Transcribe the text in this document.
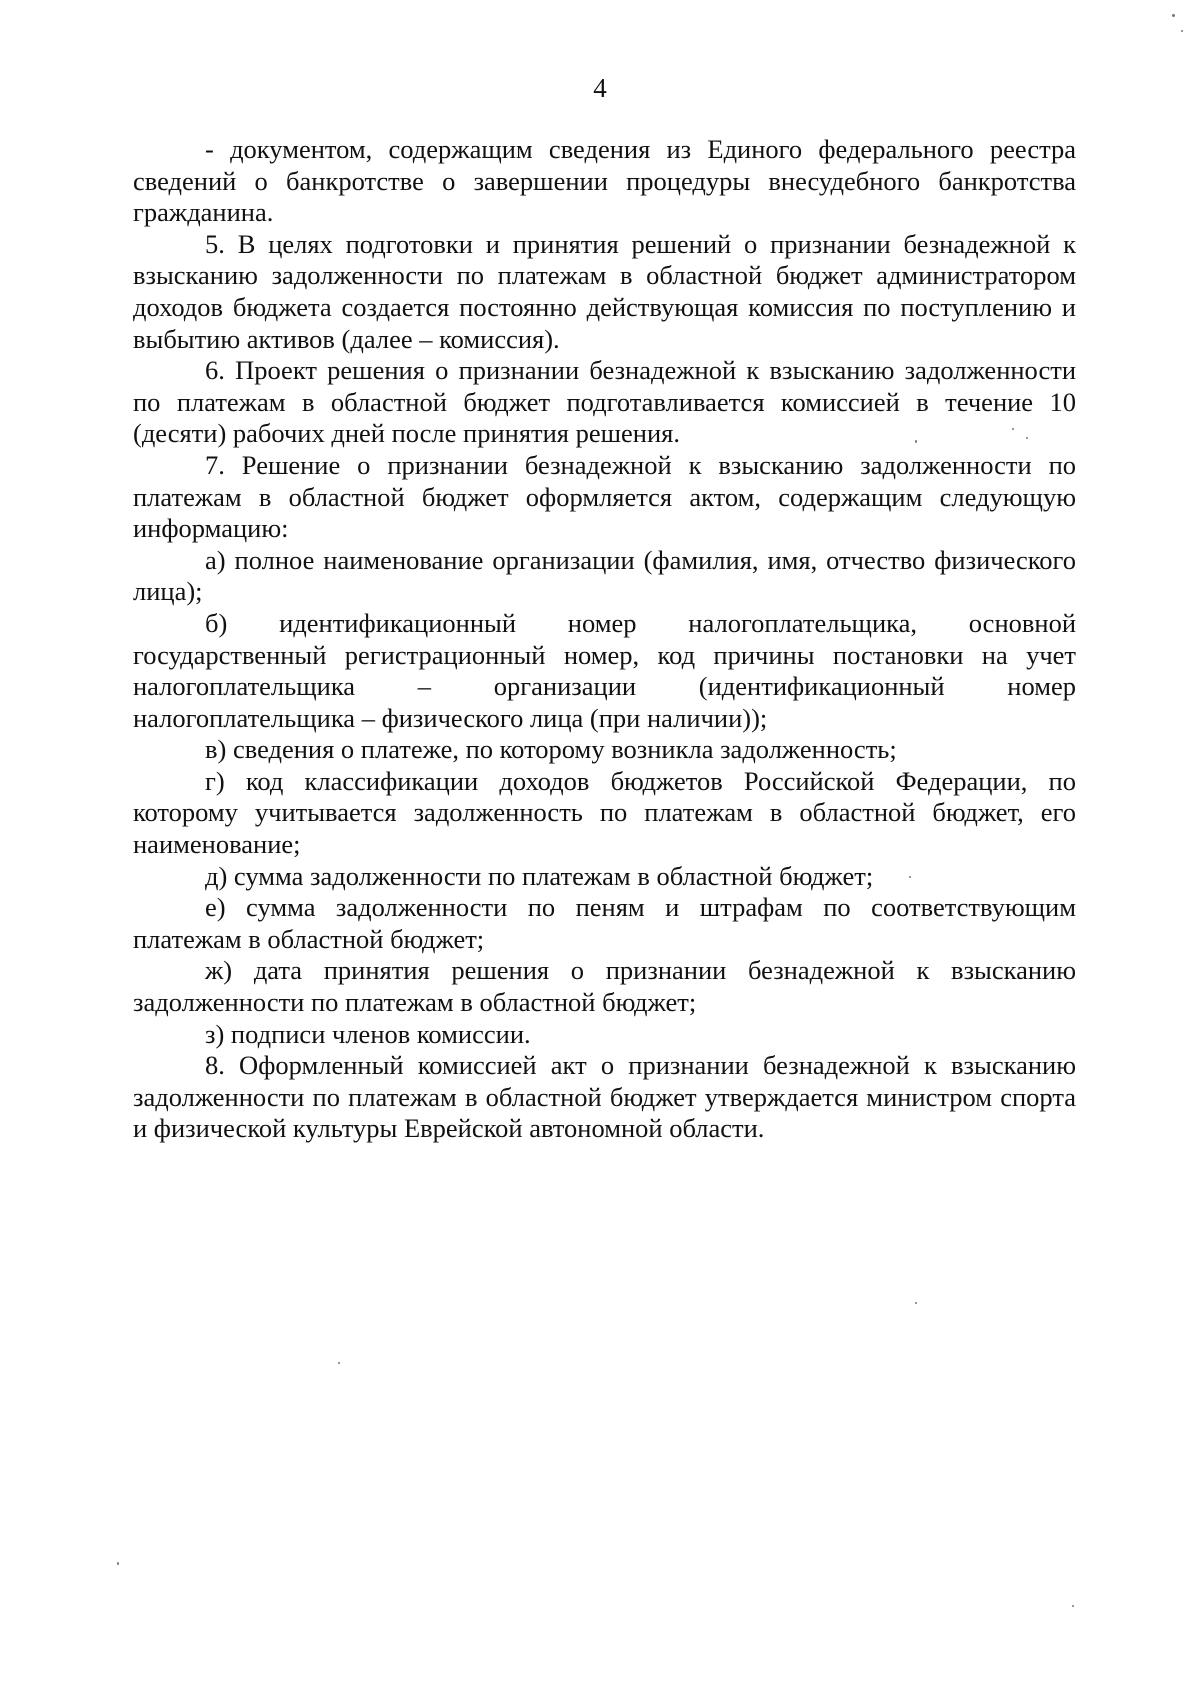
4

- документом, содержащим сведения из Единого федерального реестра сведений о банкротстве о завершении процедуры внесудебного банкротства гражданина.

5. В целях подготовки и принятия решений о признании безнадежной к взысканию задолженности по платежам в областной бюджет администратором доходов бюджета создается постоянно действующая комиссия по поступлению и выбытию активов (далее – комиссия).

6. Проект решения о признании безнадежной к взысканию задолженности по платежам в областной бюджет подготавливается комиссией в течение 10 (десяти) рабочих дней после принятия решения.

7. Решение о признании безнадежной к взысканию задолженности по платежам в областной бюджет оформляется актом, содержащим следующую информацию:

а) полное наименование организации (фамилия, имя, отчество физического лица);

б) идентификационный номер налогоплательщика, основной государственный регистрационный номер, код причины постановки на учет налогоплательщика – организации (идентификационный номер налогоплательщика – физического лица (при наличии));

в) сведения о платеже, по которому возникла задолженность;

г) код классификации доходов бюджетов Российской Федерации, по которому учитывается задолженность по платежам в областной бюджет, его наименование;

д) сумма задолженности по платежам в областной бюджет;

е) сумма задолженности по пеням и штрафам по соответствующим платежам в областной бюджет;

ж) дата принятия решения о признании безнадежной к взысканию задолженности по платежам в областной бюджет;

з) подписи членов комиссии.

8. Оформленный комиссией акт о признании безнадежной к взысканию задолженности по платежам в областной бюджет утверждается министром спорта и физической культуры Еврейской автономной области.
